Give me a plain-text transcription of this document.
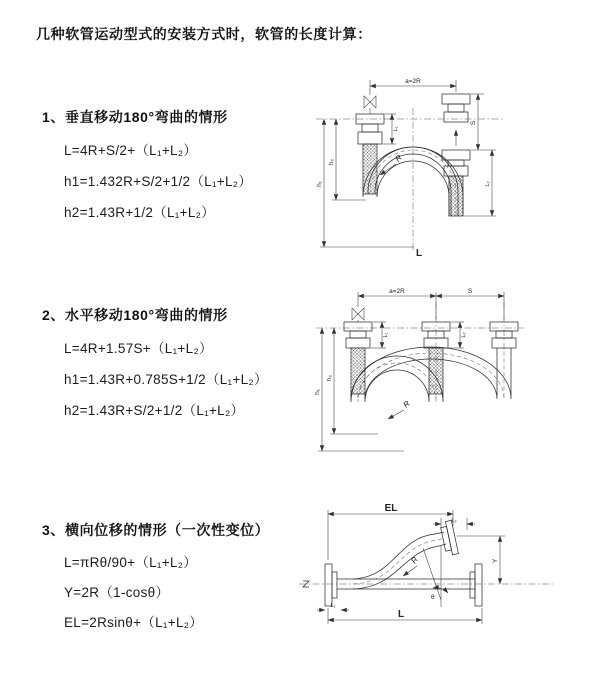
几种软管运动型式的安装方式时，软管的长度计算：
1、垂直移动180°弯曲的情形
L=4R+S/2+（L₁+L₂）
h1=1.432R+S/2+1/2（L₁+L₂）
h2=1.43R+1/2（L₁+L₂）
2、水平移动180°弯曲的情形
L=4R+1.57S+（L₁+L₂）
h1=1.43R+0.785S+1/2（L₁+L₂）
h2=1.43R+S/2+1/2（L₁+L₂）
3、横向位移的情形（一次性变位）
L=πRθ/90+（L₁+L₂）
Y=2R（1-cosθ）
EL=2Rsinθ+（L₁+L₂）
a=2R
h₁
h₂
L₁
S
L₂
R
L
a=2R	S
h₁
h₂
L₁	L₂
R
EL
L₂
Y
R
θ
L₁
L
